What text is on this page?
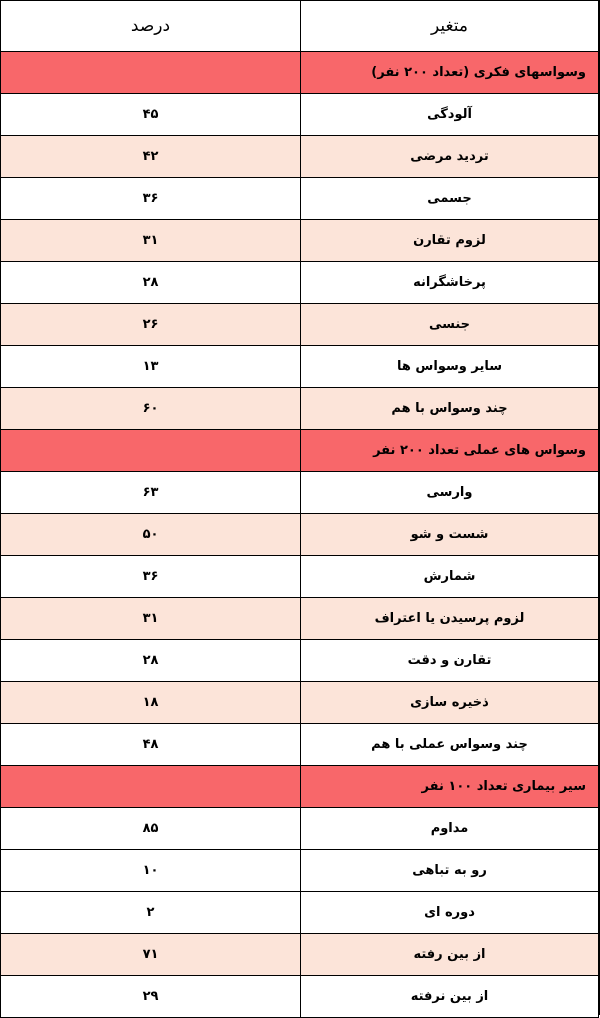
متغیر	درصد
وسواسهای فکری (تعداد ۲۰۰ نفر)	
آلودگی	۴۵
تردید مرضی	۴۲
جسمی	۳۶
لزوم تقارن	۳۱
پرخاشگرانه	۲۸
جنسی	۲۶
سایر وسواس ها	۱۳
چند وسواس با هم	۶۰
وسواس های عملی تعداد ۲۰۰ نفر	
وارسی	۶۳
شست و شو	۵۰
شمارش	۳۶
لزوم پرسیدن یا اعتراف	۳۱
تقارن و دقت	۲۸
ذخیره سازی	۱۸
چند وسواس عملی با هم	۴۸
سیر بیماری تعداد ۱۰۰ نفر	
مداوم	۸۵
رو به تباهی	۱۰
دوره ای	۲
از بین رفته	۷۱
از بین نرفته	۲۹
